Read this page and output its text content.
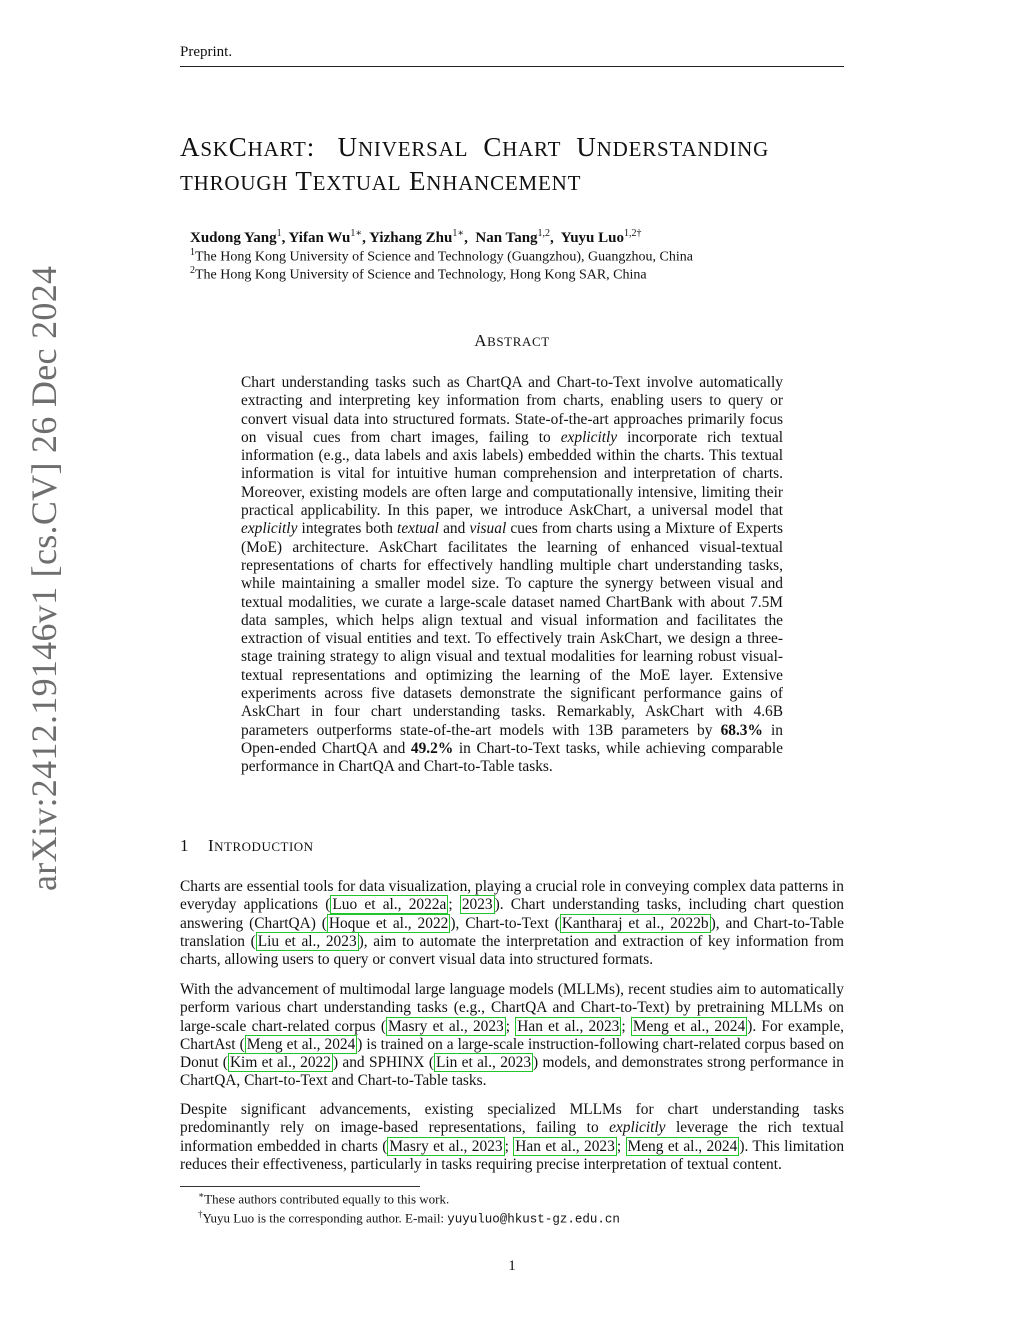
Preprint.
arXiv:2412.19146v1 [cs.CV] 26 Dec 2024
ASKCHART: UNIVERSAL CHART UNDERSTANDING
THROUGH TEXTUAL ENHANCEMENT
Xudong Yang$^1$, Yifan $Wu^{1∗}$, Yizhang Zhu$^{1∗}$,  Nan Tang$^{1,2}$,  Yuyu Luo$^{1,2\dagger}$
$^1$The Hong Kong University of Science and Technology (Guangzhou), Guangzhou, China
$^2$The Hong Kong University of Science and Technology, Hong Kong SAR, China
ABSTRACT
Chart understanding tasks such as ChartQA and Chart-to-Text involve automatically extracting and interpreting key information from charts, enabling users to query or convert visual data into structured formats. State-of-the-art approaches primarily focus on visual cues from chart images, failing to explicitly incorporate rich textual information (e.g., data labels and axis labels) embedded within the charts. This textual information is vital for intuitive human comprehension and interpretation of charts. Moreover, existing models are often large and computationally intensive, limiting their practical applicability. In this paper, we introduce AskChart, a universal model that explicitly integrates both textual and visual cues from charts using a Mixture of Experts (MoE) architecture. AskChart facilitates the learning of enhanced visual-textual representations of charts for effectively handling multiple chart understanding tasks, while maintaining a smaller model size. To capture the synergy between visual and textual modalities, we curate a large-scale dataset named ChartBank with about 7.5M data samples, which helps align textual and visual information and facilitates the extraction of visual entities and text. To effectively train AskChart, we design a three-stage training strategy to align visual and textual modalities for learning robust visual-textual representations and optimizing the learning of the MoE layer. Extensive experiments across five datasets demonstrate the significant performance gains of AskChart in four chart understanding tasks. Remarkably, AskChart with 4.6B parameters outperforms state-of-the-art models with 13B parameters by 68.3% in Open-ended ChartQA and 49.2% in Chart-to-Text tasks, while achieving comparable performance in ChartQA and Chart-to-Table tasks.
1 INTRODUCTION
Charts are essential tools for data visualization, playing a crucial role in conveying complex data patterns in everyday applications ( Luo et al., 2022a ; 2023 ). Chart understanding tasks, including chart question answering (ChartQA) ( Hoque et al., 2022 ), Chart-to-Text ( Kantharaj et al., 2022b ), and Chart-to-Table translation ( Liu et al., 2023 ), aim to automate the interpretation and extraction of key information from charts, allowing users to query or convert visual data into structured formats.
With the advancement of multimodal large language models (MLLMs), recent studies aim to automatically perform various chart understanding tasks (e.g., ChartQA and Chart-to-Text) by pretraining MLLMs on large-scale chart-related corpus ( Masry et al., 2023 ; Han et al., 2023 ; Meng et al., 2024 ). For example, ChartAst ( Meng et al., 2024 ) is trained on a large-scale instruction-following chart-related corpus based on Donut ( Kim et al., 2022 ) and SPHINX ( Lin et al., 2023 ) models, and demonstrates strong performance in ChartQA, Chart-to-Text and Chart-to-Table tasks.
Despite significant advancements, existing specialized MLLMs for chart understanding tasks predominantly rely on image-based representations, failing to explicitly leverage the rich textual information embedded in charts ( Masry et al., 2023 ; Han et al., 2023 ; Meng et al., 2024 ). This limitation reduces their effectiveness, particularly in tasks requiring precise interpretation of textual content.
∗These authors contributed equally to this work.
†Yuyu Luo is the corresponding author. E-mail: yuyuluo@hkust-gz.edu.cn
1
